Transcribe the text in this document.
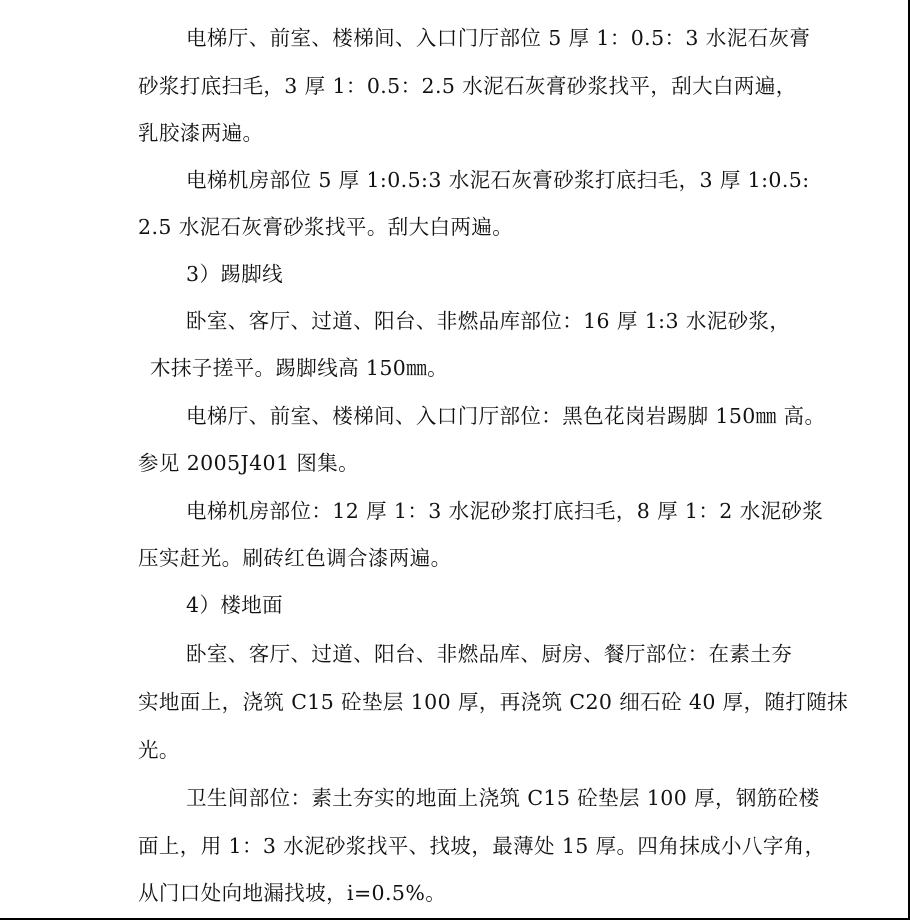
电梯厅、前室、楼梯间、入口门厅部位 5 厚 1：0.5：3 水泥石灰膏
砂浆打底扫毛，3 厚 1：0.5：2.5 水泥石灰膏砂浆找平，刮大白两遍，
乳胶漆两遍。
电梯机房部位 5 厚 1:0.5:3 水泥石灰膏砂浆打底扫毛，3 厚 1:0.5:
2.5 水泥石灰膏砂浆找平。刮大白两遍。
3）踢脚线
卧室、客厅、过道、阳台、非燃品库部位：16 厚 1:3 水泥砂浆，
木抹子搓平。踢脚线高 150㎜。
电梯厅、前室、楼梯间、入口门厅部位：黑色花岗岩踢脚 150㎜ 高。
参见 2005J401 图集。
电梯机房部位：12 厚 1：3 水泥砂浆打底扫毛，8 厚 1：2 水泥砂浆
压实赶光。刷砖红色调合漆两遍。
4）楼地面
卧室、客厅、过道、阳台、非燃品库、厨房、餐厅部位：在素土夯
实地面上，浇筑 C15 砼垫层 100 厚，再浇筑 C20 细石砼 40 厚，随打随抹
光。
卫生间部位：素土夯实的地面上浇筑 C15 砼垫层 100 厚，钢筋砼楼
面上，用 1：3 水泥砂浆找平、找坡，最薄处 15 厚。四角抹成小八字角，
从门口处向地漏找坡，i=0.5%。
